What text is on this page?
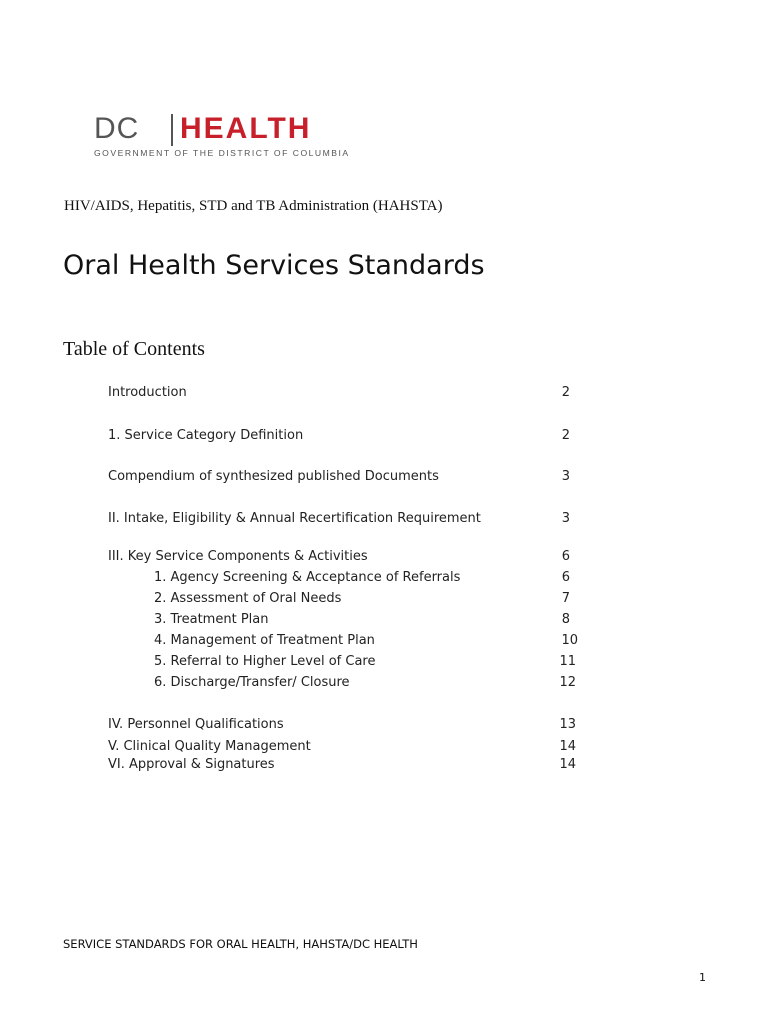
DC HEALTH
GOVERNMENT OF THE DISTRICT OF COLUMBIA
HIV/AIDS, Hepatitis, STD and TB Administration (HAHSTA)
Oral Health Services Standards
Table of Contents
Introduction	2
1. Service Category Definition	2
Compendium of synthesized published Documents	3
II. Intake, Eligibility & Annual Recertification Requirement	3
III. Key Service Components & Activities	6
1. Agency Screening & Acceptance of Referrals	6
2. Assessment of Oral Needs	7
3. Treatment Plan	8
4. Management of Treatment Plan	10
5. Referral to Higher Level of Care	11
6. Discharge/Transfer/ Closure	12
IV. Personnel Qualifications	13
V. Clinical Quality Management	14
VI. Approval & Signatures	14
SERVICE STANDARDS FOR ORAL HEALTH, HAHSTA/DC HEALTH
1
